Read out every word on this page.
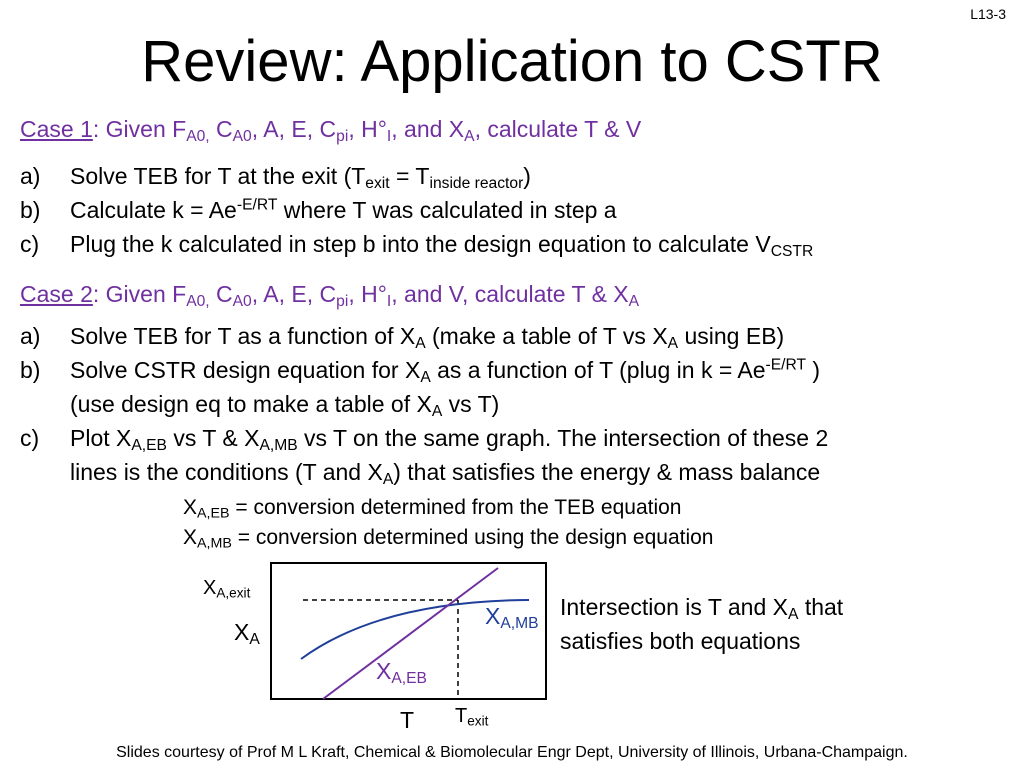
L13-3
Review: Application to CSTR
Case 1: Given $F_{A0,}$ $C_{A0}$, A, E, $C_{pi}$, $H^\circ_I$, and $X_A$, calculate T & V
a) Solve TEB for T at the exit $(T_{exit} = T_{inside reactor})$
b) Calculate $k = Ae^{-E/RT}$ where T was calculated in step a
c) Plug the k calculated in step b into the design equation to calculate $V_{CSTR}$
Case 2: Given $F_{A0,}$ $C_{A0}$, A, E, $C_{pi}$, $H^\circ_I$, and V, calculate T & $X_A$
a) Solve TEB for T as a function of $X_A$ (make a table of T vs $X_A$ using EB)
b) Solve CSTR design equation for $X_A$ as a function of T (plug in $k = Ae^{-E/RT}$ )
(use design eq to make a table of $X_A$ vs T)
c) Plot $X_{A,EB}$ vs T & $X_{A,MB}$ vs T on the same graph. The intersection of these 2
lines is the conditions (T and $X_A$) that satisfies the energy & mass balance
$X_{A,EB}$ = conversion determined from the TEB equation
$X_{A,MB}$ = conversion determined using the design equation
$X_{A,exit}$
$X_A$
T $T_{exit}$
$X_{A,MB}$
$X_{A,EB}$
Intersection is T and $X_A$ that
satisfies both equations
Slides courtesy of Prof M L Kraft, Chemical & Biomolecular Engr Dept, University of Illinois, Urbana-Champaign.
